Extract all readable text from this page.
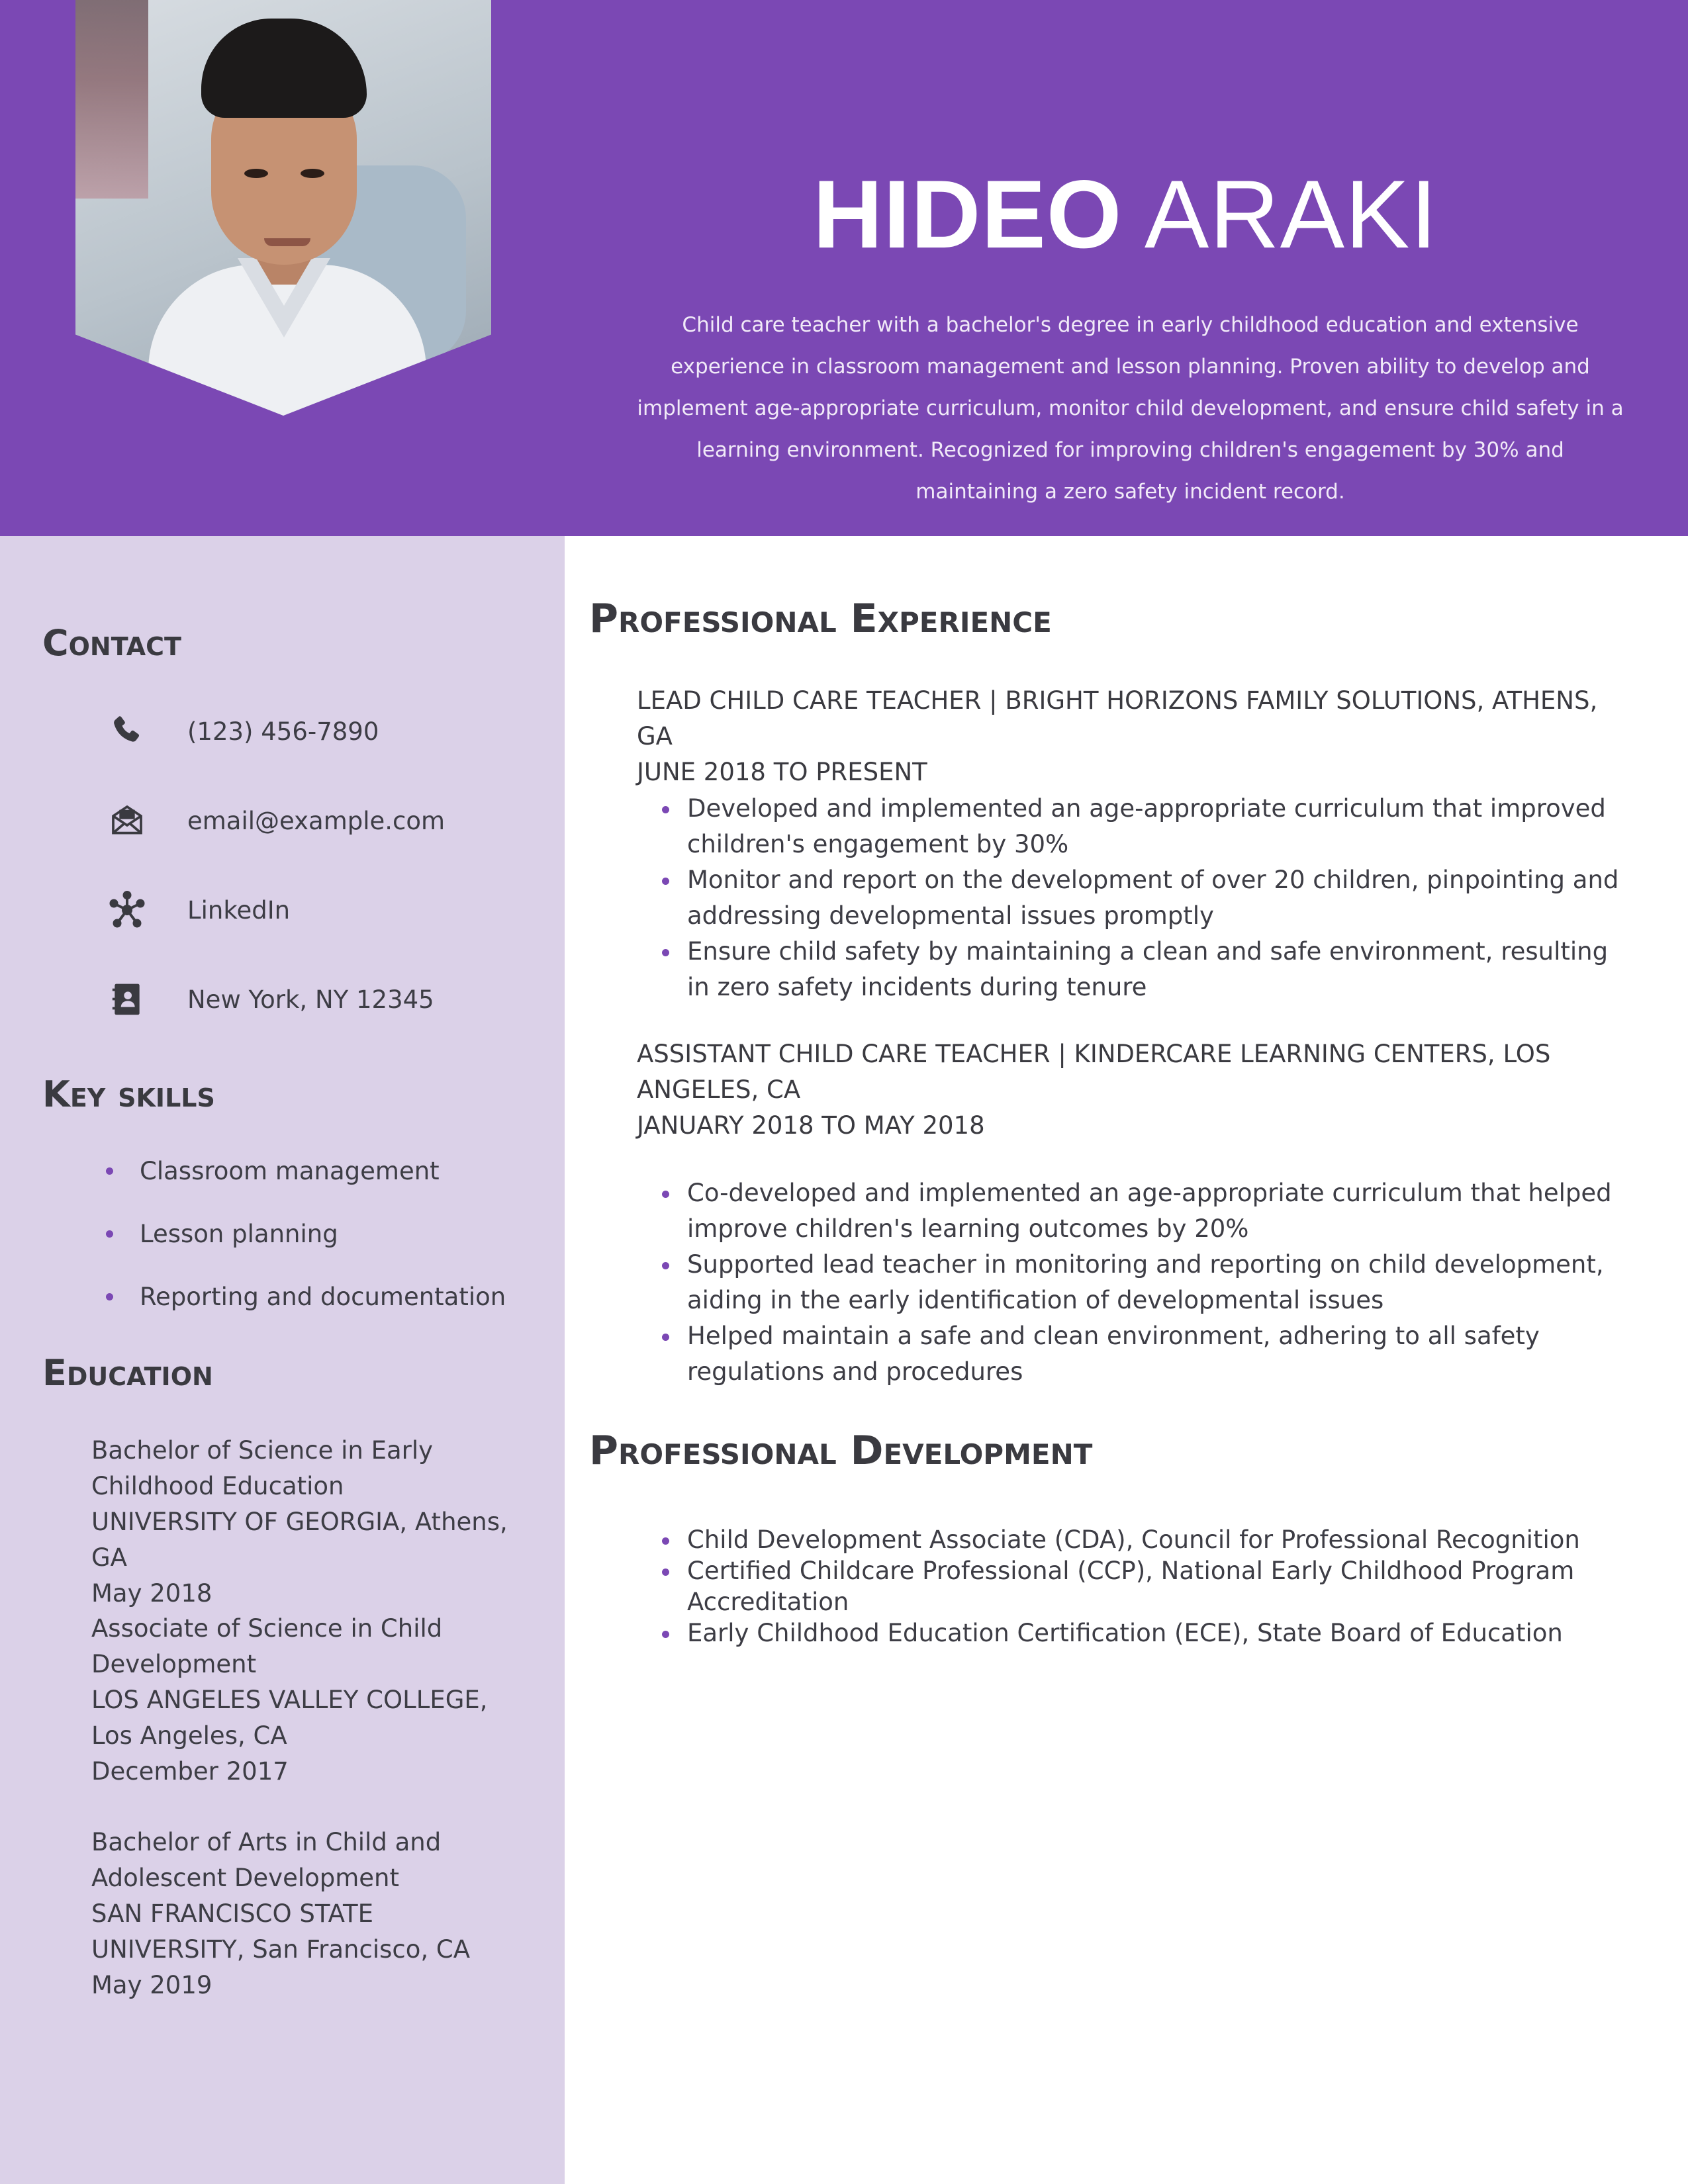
HIDEO ARAKI
Child care teacher with a bachelor's degree in early childhood education and extensive experience in classroom management and lesson planning. Proven ability to develop and implement age-appropriate curriculum, monitor child development, and ensure child safety in a learning environment. Recognized for improving children's engagement by 30% and maintaining a zero safety incident record.
Contact
(123) 456-7890
email@example.com
LinkedIn
New York, NY 12345
Key skills
Classroom management
Lesson planning
Reporting and documentation
Education
Bachelor of Science in Early Childhood Education
UNIVERSITY OF GEORGIA, Athens, GA
May 2018
Associate of Science in Child Development
LOS ANGELES VALLEY COLLEGE, Los Angeles, CA
December 2017
Bachelor of Arts in Child and Adolescent Development
SAN FRANCISCO STATE UNIVERSITY, San Francisco, CA
May 2019
Professional Experience
LEAD CHILD CARE TEACHER | BRIGHT HORIZONS FAMILY SOLUTIONS, ATHENS, GA
JUNE 2018 TO PRESENT
Developed and implemented an age-appropriate curriculum that improved children's engagement by 30%
Monitor and report on the development of over 20 children, pinpointing and addressing developmental issues promptly
Ensure child safety by maintaining a clean and safe environment, resulting in zero safety incidents during tenure
ASSISTANT CHILD CARE TEACHER | KINDERCARE LEARNING CENTERS, LOS ANGELES, CA
JANUARY 2018 TO MAY 2018
Co-developed and implemented an age-appropriate curriculum that helped improve children's learning outcomes by 20%
Supported lead teacher in monitoring and reporting on child development, aiding in the early identification of developmental issues
Helped maintain a safe and clean environment, adhering to all safety regulations and procedures
Professional Development
Child Development Associate (CDA), Council for Professional Recognition
Certified Childcare Professional (CCP), National Early Childhood Program Accreditation
Early Childhood Education Certification (ECE), State Board of Education
